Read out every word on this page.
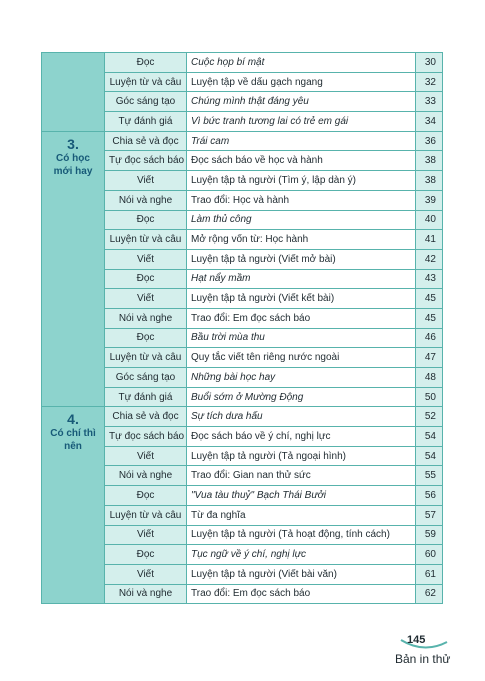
	Đọc	Cuộc họp bí mật	30
	Luyện từ và câu	Luyện tập về dấu gạch ngang	32
	Góc sáng tạo	Chúng mình thật đáng yêu	33
	Tự đánh giá	Vì bức tranh tương lai có trẻ em gái	34

3.
Có học mới hay	Chia sẻ và đọc	Trái cam	36
	Tự đọc sách báo	Đọc sách báo về học và hành	38
	Viết	Luyện tập tả người (Tìm ý, lập dàn ý)	38
	Nói và nghe	Trao đổi: Học và hành	39
	Đọc	Làm thủ công	40
	Luyện từ và câu	Mở rộng vốn từ: Học hành	41
	Viết	Luyện tập tả người (Viết mở bài)	42
	Đọc	Hạt nẩy mầm	43
	Viết	Luyện tập tả người (Viết kết bài)	45
	Nói và nghe	Trao đổi: Em đọc sách báo	45
	Đọc	Bầu trời mùa thu	46
	Luyện từ và câu	Quy tắc viết tên riêng nước ngoài	47
	Góc sáng tạo	Những bài học hay	48
	Tự đánh giá	Buổi sớm ở Mường Động	50

4.
Có chí thì nên	Chia sẻ và đọc	Sự tích dưa hấu	52
	Tự đọc sách báo	Đọc sách báo về ý chí, nghị lực	54
	Viết	Luyện tập tả người (Tả ngoại hình)	54
	Nói và nghe	Trao đổi: Gian nan thử sức	55
	Đọc	"Vua tàu thuỷ" Bạch Thái Bưởi	56
	Luyện từ và câu	Từ đa nghĩa	57
	Viết	Luyện tập tả người (Tả hoạt động, tính cách)	59
	Đọc	Tục ngữ về ý chí, nghị lực	60
	Viết	Luyện tập tả người (Viết bài văn)	61
	Nói và nghe	Trao đổi: Em đọc sách báo	62
145
Bản in thử
